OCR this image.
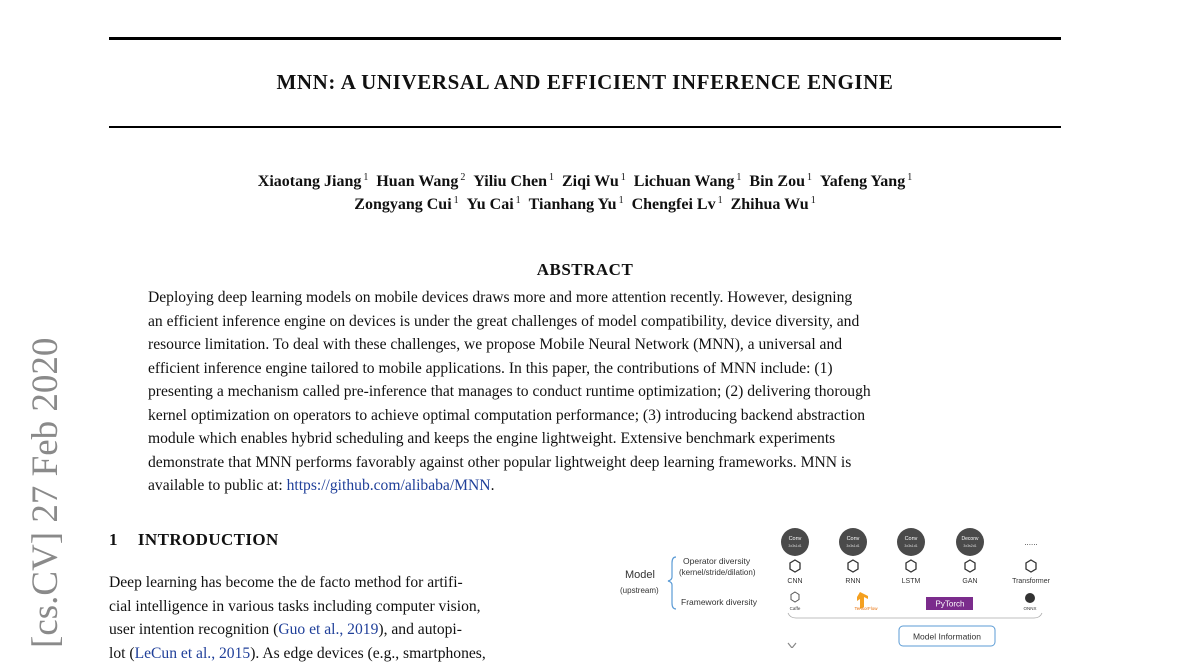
MNN: A UNIVERSAL AND EFFICIENT INFERENCE ENGINE
Xiaotang Jiang $^1$ Huan Wang $^2$ Yiliu Chen $^1$ Ziqi Wu $^1$ Lichuan Wang $^1$ Bin Zou $^1$ Yafeng Yang $^1$
Zongyang Cui $^1$ Yu Cai $^1$ Tianhang Yu $^1$ Chengfei Lv $^1$ Zhihua Wu $^1$
ABSTRACT

Deploying deep learning models on mobile devices draws more and more attention recently. However, designing
an efficient inference engine on devices is under the great challenges of model compatibility, device diversity, and
resource limitation. To deal with these challenges, we propose Mobile Neural Network (MNN), a universal and
efficient inference engine tailored to mobile applications. In this paper, the contributions of MNN include: (1)
presenting a mechanism called pre-inference that manages to conduct runtime optimization; (2) delivering thorough
kernel optimization on operators to achieve optimal computation performance; (3) introducing backend abstraction
module which enables hybrid scheduling and keeps the engine lightweight. Extensive benchmark experiments
demonstrate that MNN performs favorably against other popular lightweight deep learning frameworks. MNN is
available to public at: https://github.com/alibaba/MNN.

[cs.CV] 27 Feb 2020	1 INTRODUCTION

Deep learning has become the de facto method for artifi-
cial intelligence in various tasks including computer vision,
user intention recognition (Guo et al., 2019), and autopi-
lot (LeCun et al., 2015). As edge devices (e.g., smartphones,

Model
(upstream)
Operator diversity
(kernel/stride/dilation)
Framework diversity
Conv
3x3s1d1
CNN
Conv
3x3s1d1
RNN
Conv
3x3s1d1
LSTM
Deconv
3x3s2d1
GAN
......
Transformer
Caffe	TensorFlow	PyTorch	ONNX
Model Information
